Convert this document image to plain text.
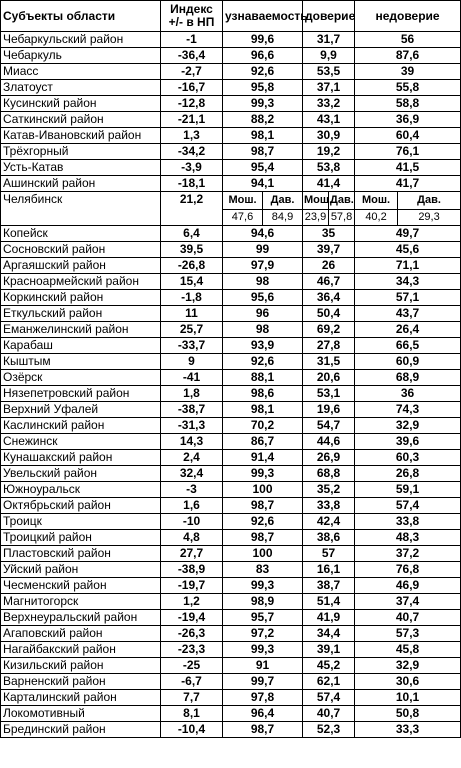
Субъекты области	Индекс +/- в НП	узнаваемость		доверие		недоверие	
Чебаркульский район	-1	99,6		31,7		56	
Чебаркуль	-36,4	96,6		9,9		87,6	
Миасс	-2,7	92,6		53,5		39	
Златоуст	-16,7	95,8		37,1		55,8	
Кусинский район	-12,8	99,3		33,2		58,8	
Саткинский район	-21,1	88,2		43,1		36,9	
Катав-Ивановский район	1,3	98,1		30,9		60,4	
Трёхгорный	-34,2	98,7		19,2		76,1	
Усть-Катав	-3,9	95,4		53,8		41,5	
Ашинский район	-18,1	94,1		41,4		41,7	
Челябинск	21,2	Мош.	Дав.	Мош.	Дав.	Мош.	Дав.
		47,6	84,9	23,9	57,8	40,2	29,3
Копейск	6,4	94,6		35		49,7	
Сосновский район	39,5	99		39,7		45,6	
Аргаяшский район	-26,8	97,9		26		71,1	
Красноармейский район	15,4	98		46,7		34,3	
Коркинский район	-1,8	95,6		36,4		57,1	
Еткульский район	11	96		50,4		43,7	
Еманжелинский район	25,7	98		69,2		26,4	
Карабаш	-33,7	93,9		27,8		66,5	
Кыштым	9	92,6		31,5		60,9	
Озёрск	-41	88,1		20,6		68,9	
Нязепетровский район	1,8	98,6		53,1		36	
Верхний Уфалей	-38,7	98,1		19,6		74,3	
Каслинский район	-31,3	70,2		54,7		32,9	
Снежинск	14,3	86,7		44,6		39,6	
Кунашакский район	2,4	91,4		26,9		60,3	
Увельский район	32,4	99,3		68,8		26,8	
Южноуральск	-3	100		35,2		59,1	
Октябрьский район	1,6	98,7		33,8		57,4	
Троицк	-10	92,6		42,4		33,8	
Троицкий район	4,8	98,7		38,6		48,3	
Пластовский район	27,7	100		57		37,2	
Уйский район	-38,9	83		16,1		76,8	
Чесменский район	-19,7	99,3		38,7		46,9	
Магнитогорск	1,2	98,9		51,4		37,4	
Верхнеуральский район	-19,4	95,7		41,9		40,7	
Агаповский район	-26,3	97,2		34,4		57,3	
Нагайбакский район	-23,3	99,3		39,1		45,8	
Кизильский район	-25	91		45,2		32,9	
Варненский район	-6,7	99,7		62,1		30,6	
Карталинский район	7,7	97,8		57,4		10,1	
Локомотивный	8,1	96,4		40,7		50,8	
Брединский район	-10,4	98,7		52,3		33,3	
